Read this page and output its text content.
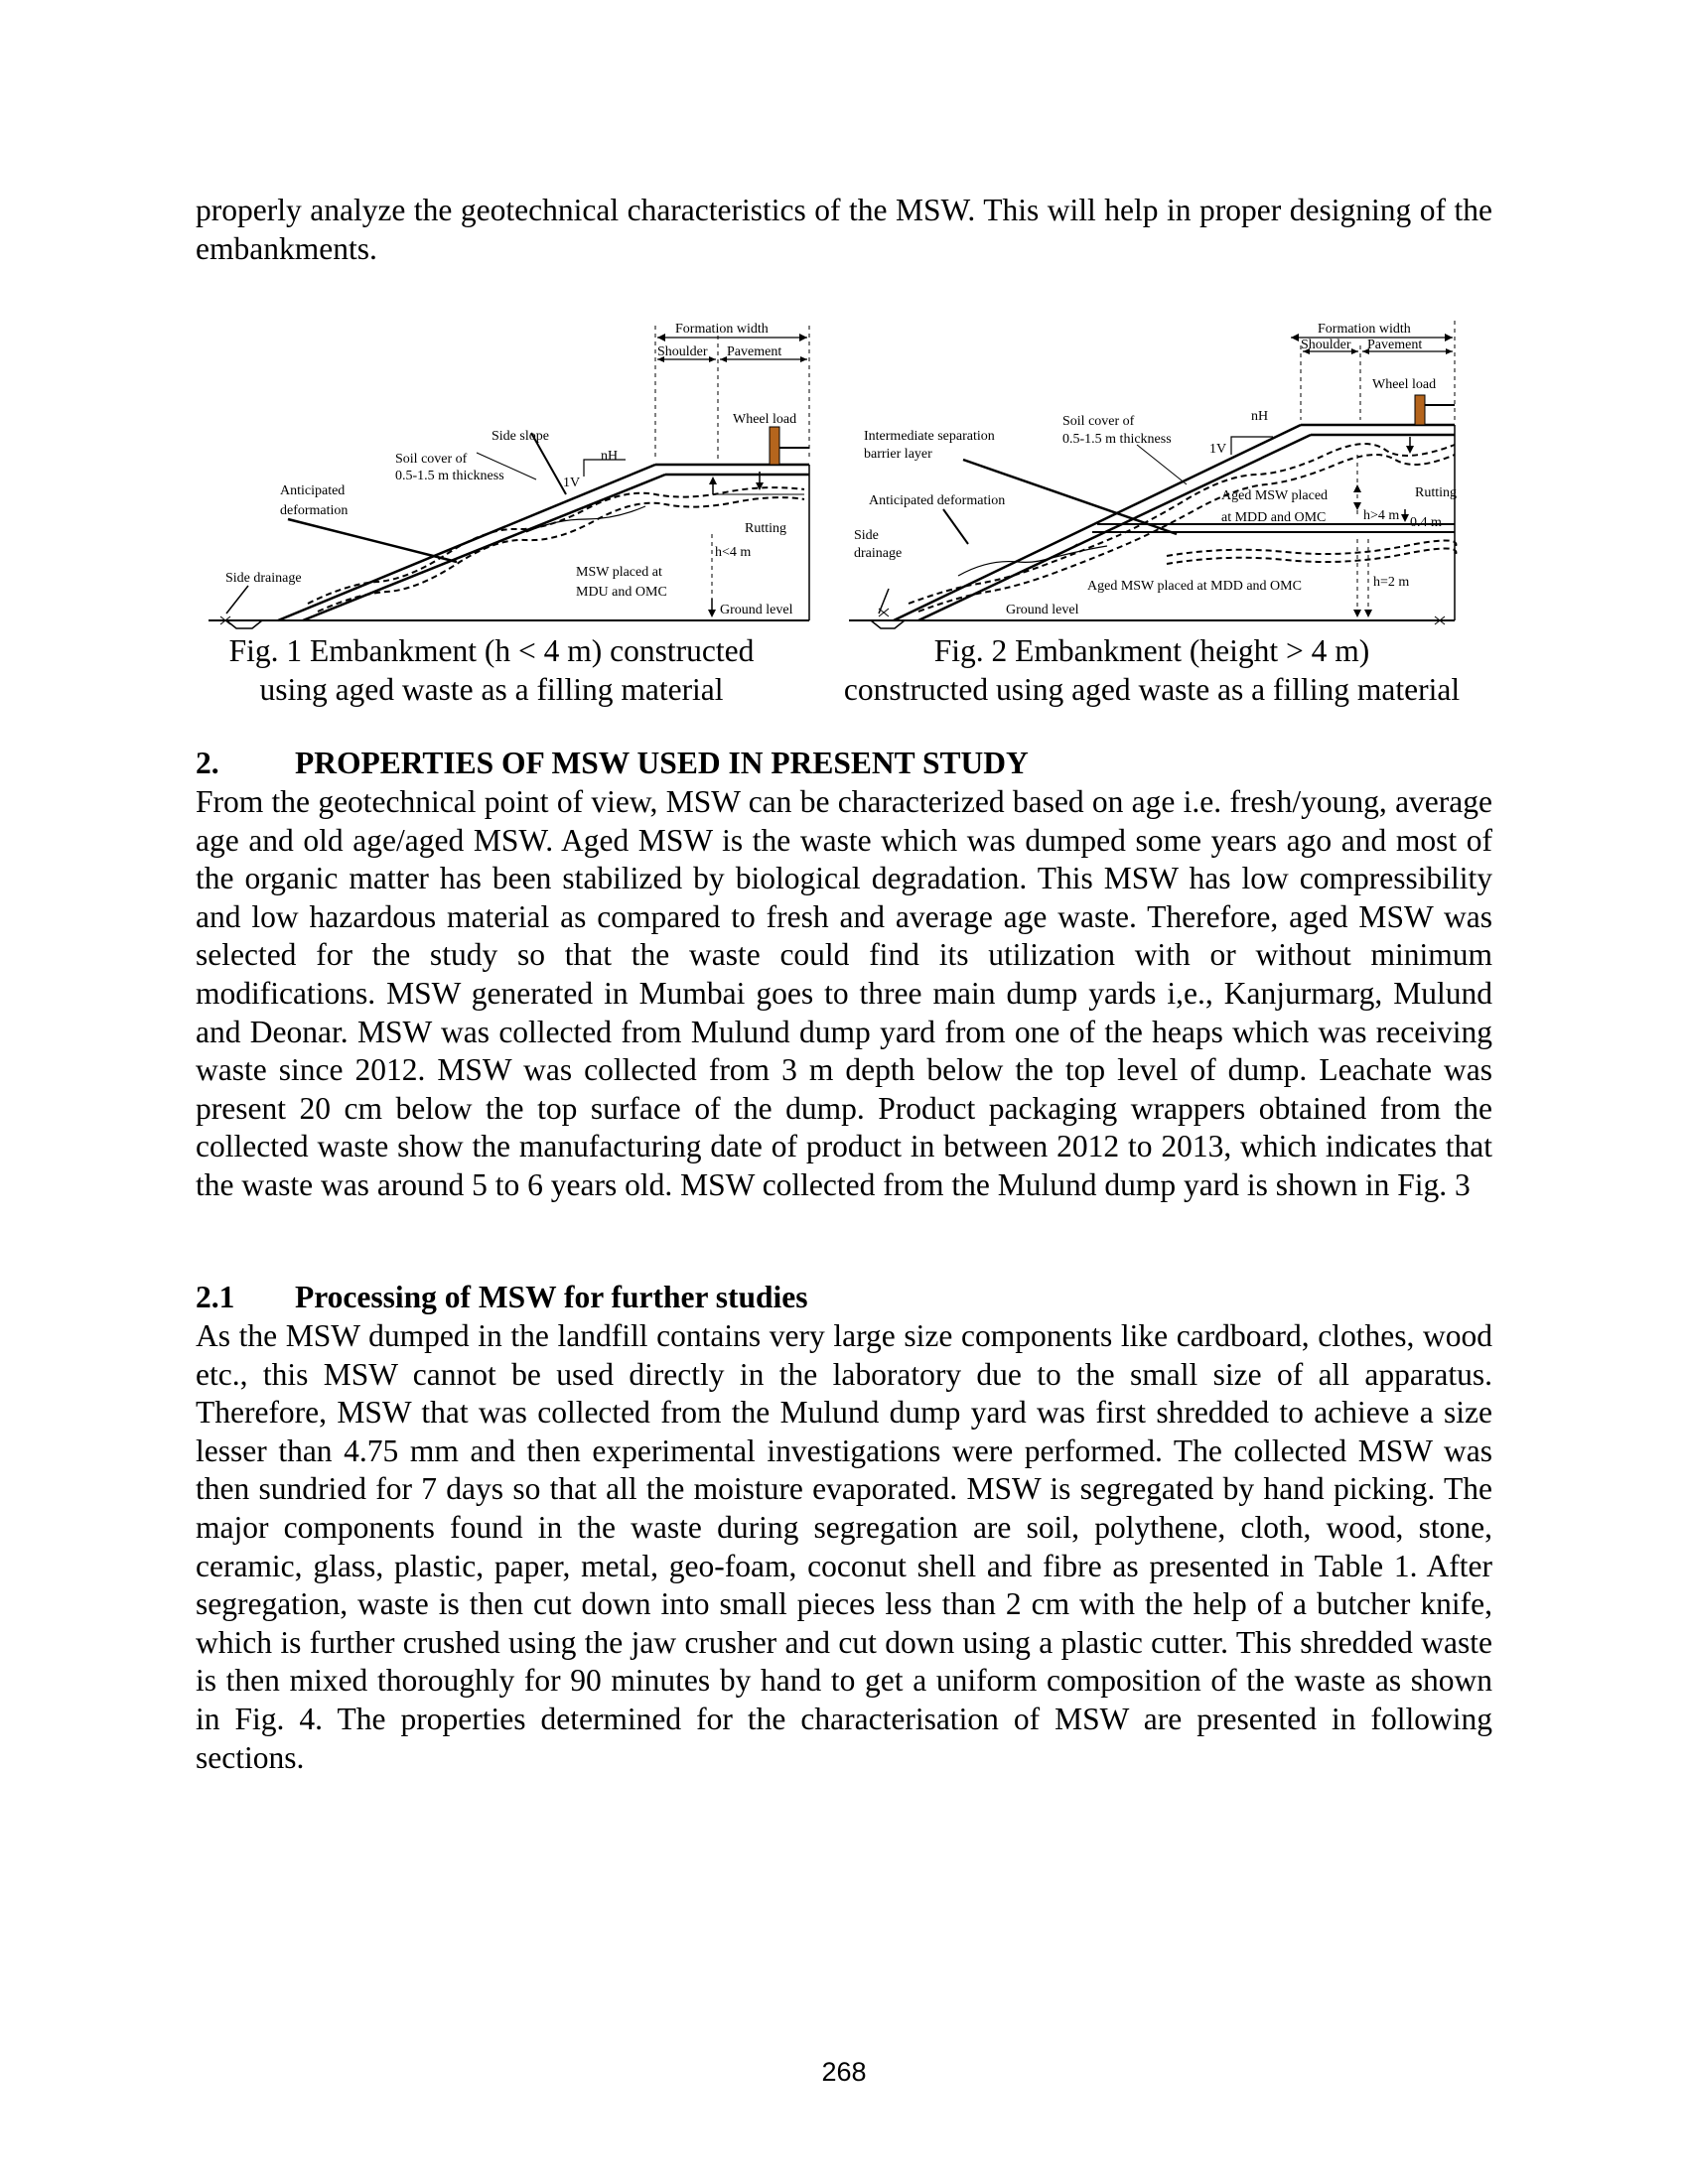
properly analyze the geotechnical characteristics of the MSW. This will help in proper designing of the embankments.

Formation width
Shoulder Pavement
Wheel load
Side slope
Soil cover of
0.5-1.5 m thickness
nH
1V
Anticipated
deformation
Rutting
h<4 m
Side drainage	MSW placed at
MDU and OMC
Ground level
Fig. 1 Embankment (h < 4 m) constructed
using aged waste as a filling material
Formation width
Shoulder Pavement
Wheel load
Intermediate separation
barrier layer
Soil cover of
0.5-1.5 m thickness
nH
1V
Anticipated deformation	Aged MSW placed
at MDD and OMC	h>4 m
Rutting
0.4 m
Side
drainage
Aged MSW placed at MDD and OMC	h=2 m
Ground level
Fig. 2 Embankment (height > 4 m)
constructed using aged waste as a filling material
2. PROPERTIES OF MSW USED IN PRESENT STUDY

From the geotechnical point of view, MSW can be characterized based on age i.e. fresh/young, average age and old age/aged MSW. Aged MSW is the waste which was dumped some years ago and most of the organic matter has been stabilized by biological degradation. This MSW has low compressibility and low hazardous material as compared to fresh and average age waste. Therefore, aged MSW was selected for the study so that the waste could find its utilization with or without minimum modifications. MSW generated in Mumbai goes to three main dump yards i,e., Kanjurmarg, Mulund and Deonar. MSW was collected from Mulund dump yard from one of the heaps which was receiving waste since 2012. MSW was collected from 3 m depth below the top level of dump. Leachate was present 20 cm below the top surface of the dump. Product packaging wrappers obtained from the collected waste show the manufacturing date of product in between 2012 to 2013, which indicates that the waste was around 5 to 6 years old. MSW collected from the Mulund dump yard is shown in Fig. 3

2.1 Processing of MSW for further studies

As the MSW dumped in the landfill contains very large size components like cardboard, clothes, wood etc., this MSW cannot be used directly in the laboratory due to the small size of all apparatus. Therefore, MSW that was collected from the Mulund dump yard was first shredded to achieve a size lesser than 4.75 mm and then experimental investigations were performed. The collected MSW was then sundried for 7 days so that all the moisture evaporated. MSW is segregated by hand picking. The major components found in the waste during segregation are soil, polythene, cloth, wood, stone, ceramic, glass, plastic, paper, metal, geo-foam, coconut shell and fibre as presented in Table 1. After segregation, waste is then cut down into small pieces less than 2 cm with the help of a butcher knife, which is further crushed using the jaw crusher and cut down using a plastic cutter. This shredded waste is then mixed thoroughly for 90 minutes by hand to get a uniform composition of the waste as shown in Fig. 4. The properties determined for the characterisation of MSW are presented in following sections.

268
